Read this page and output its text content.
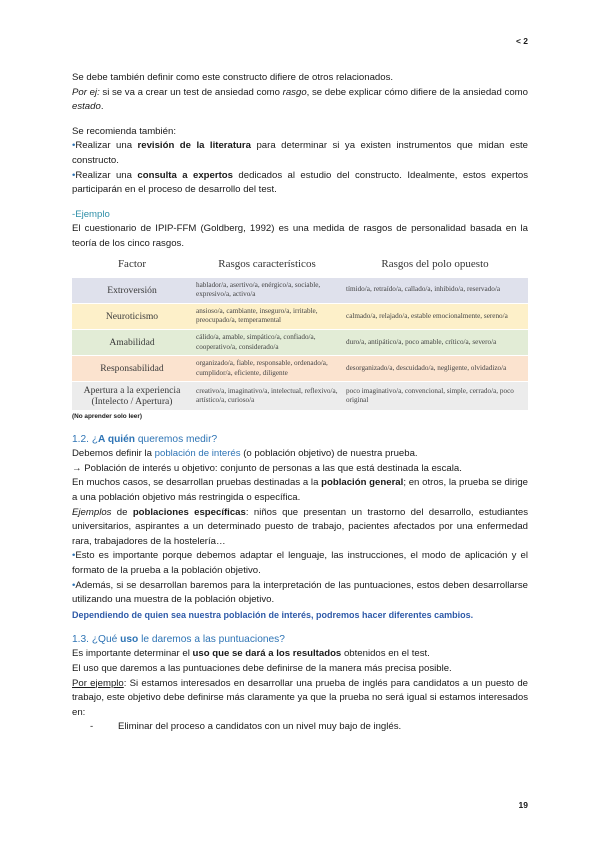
< 2

Se debe también definir como este constructo difiere de otros relacionados.

Por ej: si se va a crear un test de ansiedad como rasgo, se debe explicar cómo difiere de la ansiedad como estado.

Se recomienda también:

•Realizar una revisión de la literatura para determinar si ya existen instrumentos que midan este constructo.

•Realizar una consulta a expertos dedicados al estudio del constructo. Idealmente, estos expertos participarán en el proceso de desarrollo del test.

-Ejemplo

El cuestionario de IPIP-FFM (Goldberg, 1992) es una medida de rasgos de personalidad basada en la teoría de los cinco rasgos.

Factor	Rasgos característicos	Rasgos del polo opuesto
Extroversión	hablador/a, asertivo/a, enérgico/a, sociable, expresivo/a, activo/a	tímido/a, retraído/a, callado/a, inhibido/a, reservado/a
Neuroticismo	ansioso/a, cambiante, inseguro/a, irritable, preocupado/a, temperamental	calmado/a, relajado/a, estable emocionalmente, sereno/a
Amabilidad	cálido/a, amable, simpático/a, confiado/a, cooperativo/a, considerado/a	duro/a, antipático/a, poco amable, crítico/a, severo/a
Responsabilidad	organizado/a, fiable, responsable, ordenado/a, cumplidor/a, eficiente, diligente	desorganizado/a, descuidado/a, negligente, olvidadizo/a
Apertura a la experiencia (Intelecto / Apertura)	creativo/a, imaginativo/a, intelectual, reflexivo/a, artístico/a, curioso/a	poco imaginativo/a, convencional, simple, cerrado/a, poco original

(No aprender solo leer)

1.2. ¿A quién queremos medir?

Debemos definir la población de interés (o población objetivo) de nuestra prueba.

→ Población de interés u objetivo: conjunto de personas a las que está destinada la escala.

En muchos casos, se desarrollan pruebas destinadas a la población general; en otros, la prueba se dirige a una población objetivo más restringida o específica.

Ejemplos de poblaciones específicas: niños que presentan un trastorno del desarrollo, estudiantes universitarios, aspirantes a un determinado puesto de trabajo, pacientes afectados por una enfermedad rara, trabajadores de la hostelería…

•Esto es importante porque debemos adaptar el lenguaje, las instrucciones, el modo de aplicación y el formato de la prueba a la población objetivo.

•Además, si se desarrollan baremos para la interpretación de las puntuaciones, estos deben desarrollarse utilizando una muestra de la población objetivo.

Dependiendo de quien sea nuestra población de interés, podremos hacer diferentes cambios.

1.3. ¿Qué uso le daremos a las puntuaciones?

Es importante determinar el uso que se dará a los resultados obtenidos en el test.

El uso que daremos a las puntuaciones debe definirse de la manera más precisa posible.

Por ejemplo: Si estamos interesados en desarrollar una prueba de inglés para candidatos a un puesto de trabajo, este objetivo debe definirse más claramente ya que la prueba no será igual si estamos interesados en:

-	Eliminar del proceso a candidatos con un nivel muy bajo de inglés.

19
